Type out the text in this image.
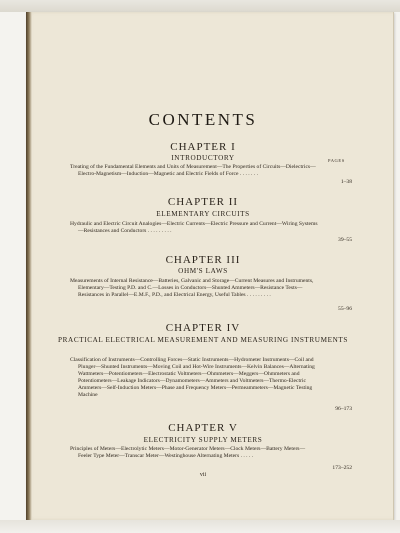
CONTENTS
CHAPTER I
INTRODUCTORY	PAGES

Treating of the Fundamental Elements and Units of Measurement—The Properties of Circuits—Dielectrics—Electro-Magnetism—Induction—Magnetic and Electric Fields of Force . . . . . . .

1–38
CHAPTER II
ELEMENTARY CIRCUITS

Hydraulic and Electric Circuit Analogies—Electric Currents—Electric Pressure and Current—Wiring Systems—Resistances and Conductors . . . . . . . . .

39–55
CHAPTER III
OHM'S LAWS

Measurements of Internal Resistance—Batteries, Galvanic and Storage—Current Measures and Instruments, Elementary—Testing P.D. and C.—Losses in Conductors—Shunted Ammeters—Resistance Tests—Resistances in Parallel—E.M.F., P.D., and Electrical Energy, Useful Tables . . . . . . . . .

55–96
CHAPTER IV
PRACTICAL ELECTRICAL MEASUREMENT AND MEASURING INSTRUMENTS

Classification of Instruments—Controlling Forces—Static Instruments—Hydrometer Instruments—Coil and Plunger—Shunted Instruments—Moving Coil and Hot-Wire Instruments—Kelvin Balances—Alternating Wattmeters—Potentiometers—Electrostatic Voltmeters—Ohmmeters—Meggers—Ohmmeters and Potentiometers—Leakage Indicators—Dynamometers—Ammeters and Voltmeters—Thermo-Electric Ammeters—Self-Induction Meters—Phase and Frequency Meters—Permeammeters—Magnetic Testing Machine

96–173
CHAPTER V
ELECTRICITY SUPPLY METERS

Principles of Meters—Electrolytic Meters—Motor-Generator Meters—Clock Meters—Battery Meters—Feeler Type Meter—Transcar Meter—Westinghouse Alternating Meters . . . . .

173–252
vii
